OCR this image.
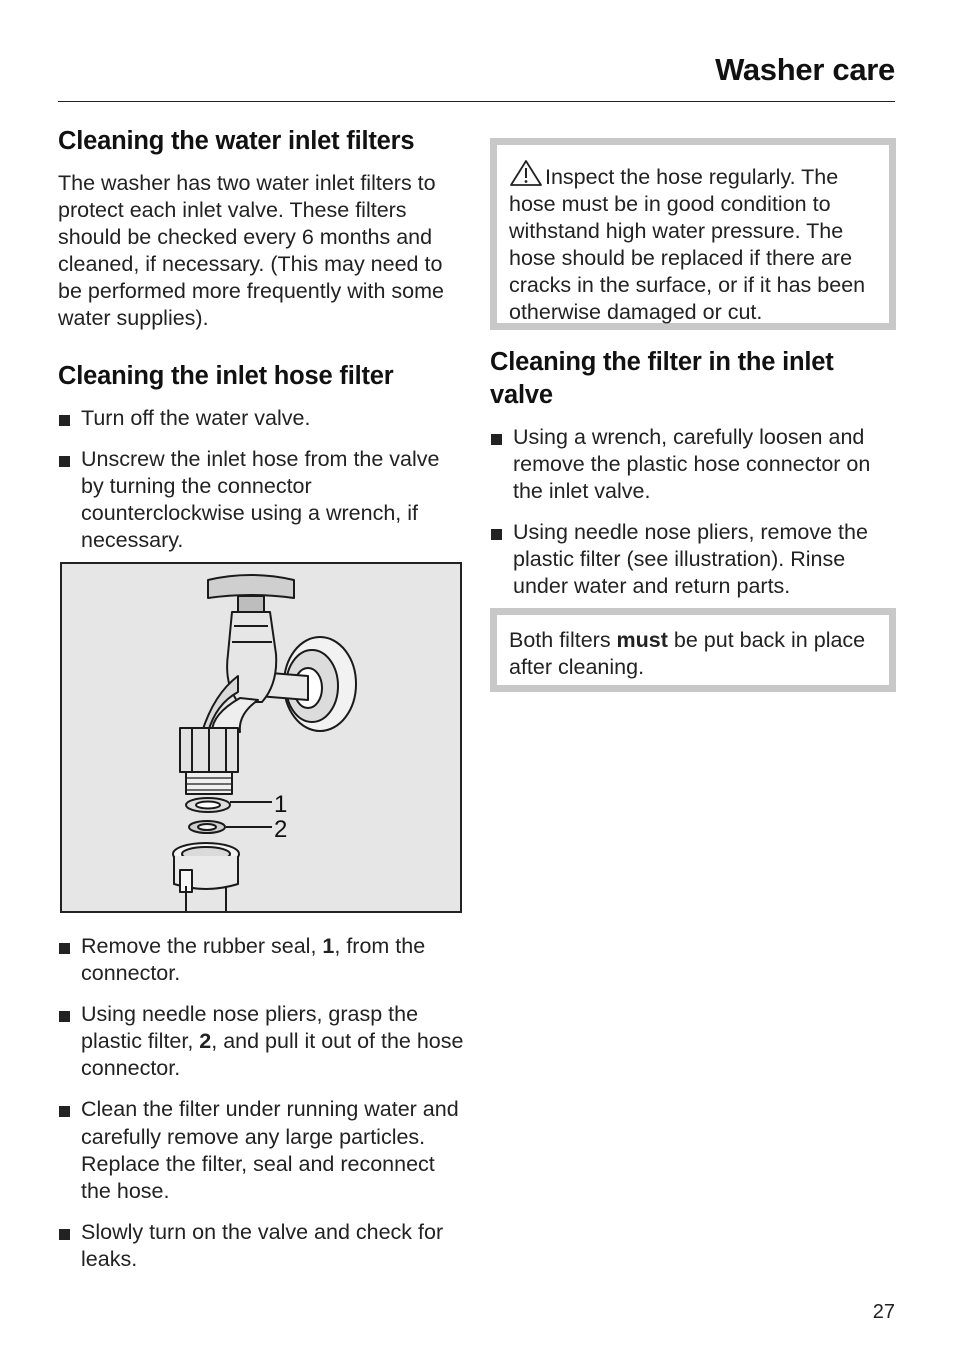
Washer care
Cleaning the water inlet filters

The washer has two water inlet filters to protect each inlet valve. These filters should be checked every 6 months and cleaned, if necessary. (This may need to be performed more frequently with some water supplies).

Cleaning the inlet hose filter
Turn off the water valve.
Unscrew the inlet hose from the valve by turning the connector counterclockwise using a wrench, if necessary.
Remove the rubber seal, 1, from the connector.
Using needle nose pliers, grasp the plastic filter, 2, and pull it out of the hose connector.
Clean the filter under running water and carefully remove any large particles. Replace the filter, seal and reconnect the hose.
Slowly turn on the valve and check for leaks.
1
2

Inspect the hose regularly. The hose must be in good condition to withstand high water pressure. The hose should be replaced if there are cracks in the surface, or if it has been otherwise damaged or cut.

Cleaning the filter in the inlet valve
Using a wrench, carefully loosen and remove the plastic hose connector on the inlet valve.
Using needle nose pliers, remove the plastic filter (see illustration). Rinse under water and return parts.

Both filters must be put back in place after cleaning.

27
